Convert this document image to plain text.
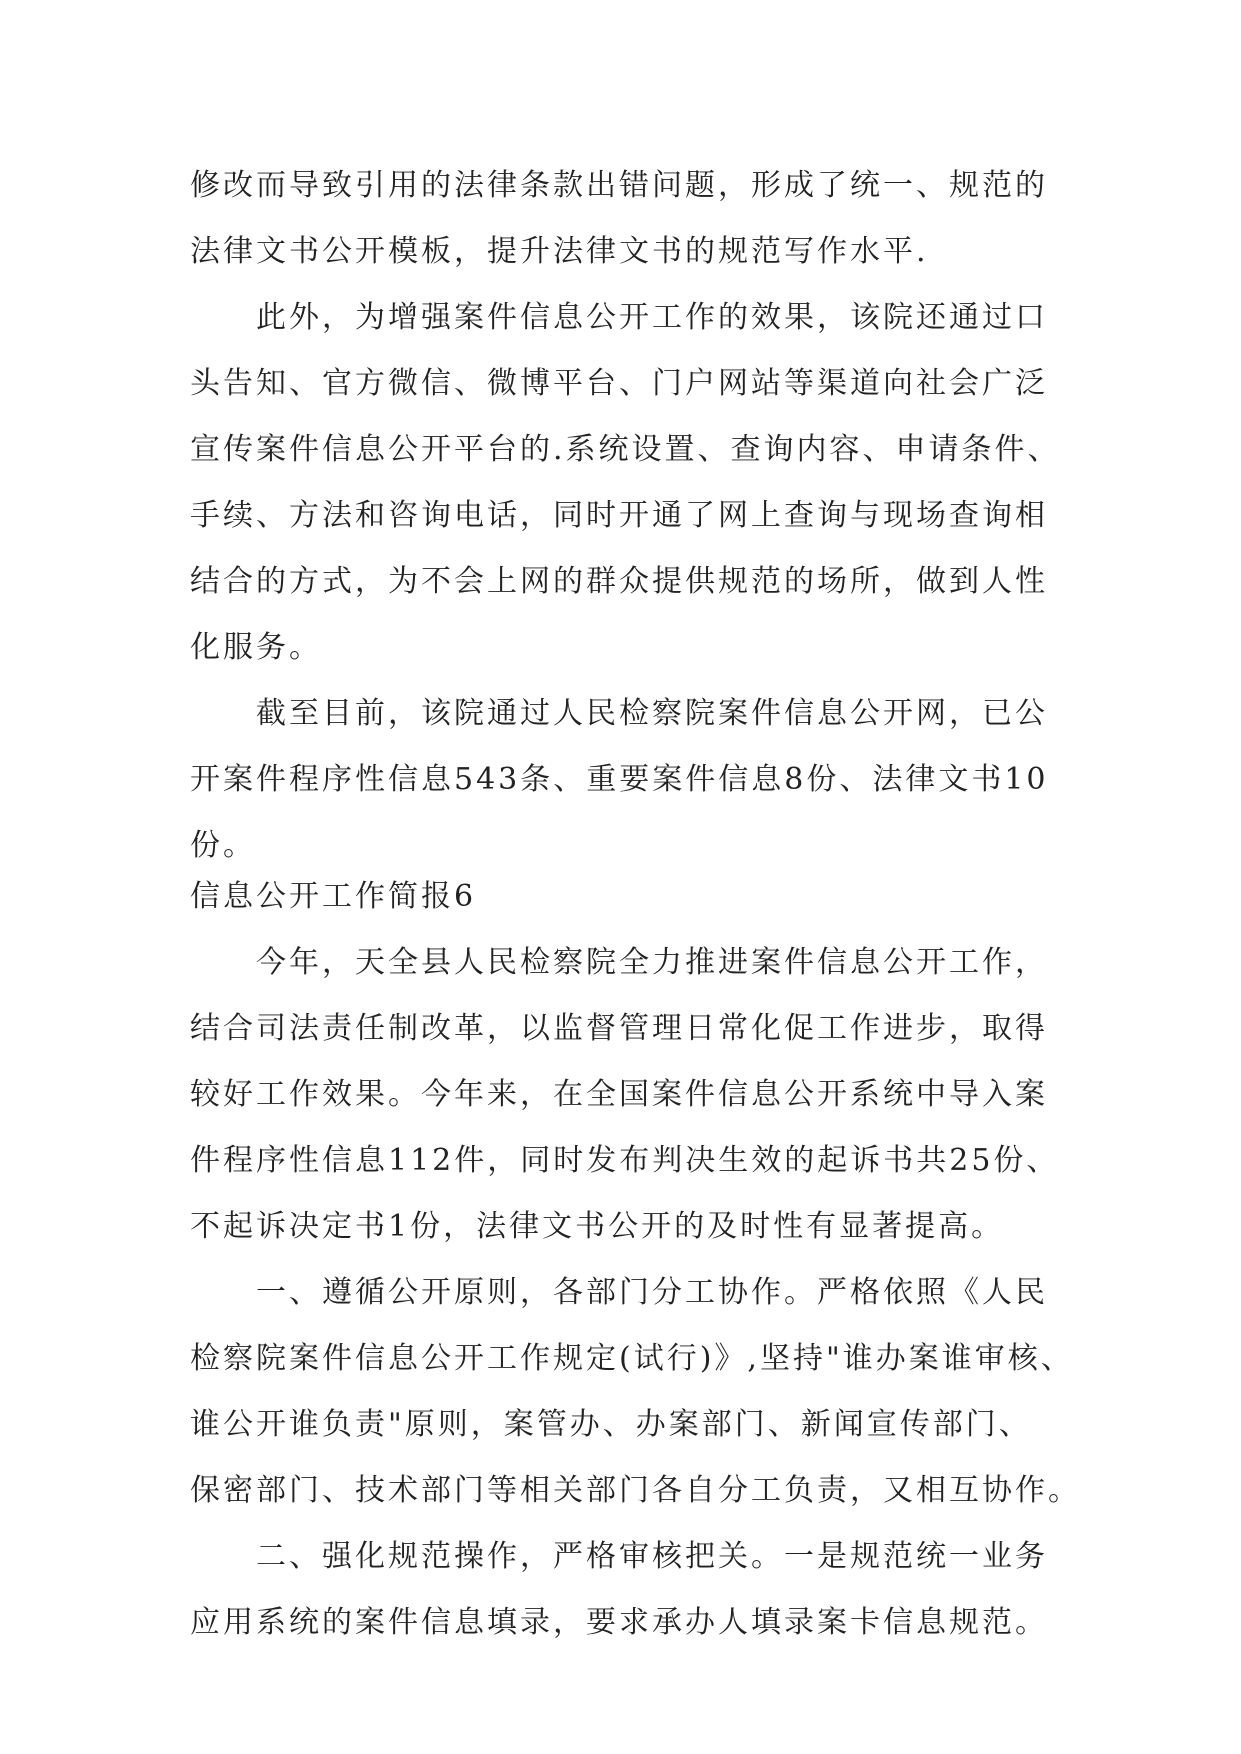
修改而导致引用的法律条款出错问题，形成了统一、规范的
法律文书公开模板，提升法律文书的规范写作水平.
此外，为增强案件信息公开工作的效果，该院还通过口
头告知、官方微信、微博平台、门户网站等渠道向社会广泛
宣传案件信息公开平台的.系统设置、查询内容、申请条件、
手续、方法和咨询电话，同时开通了网上查询与现场查询相
结合的方式，为不会上网的群众提供规范的场所，做到人性
化服务。
截至目前，该院通过人民检察院案件信息公开网，已公
开案件程序性信息543条、重要案件信息8份、法律文书10
份。
信息公开工作简报6
今年，天全县人民检察院全力推进案件信息公开工作，
结合司法责任制改革，以监督管理日常化促工作进步，取得
较好工作效果。今年来，在全国案件信息公开系统中导入案
件程序性信息112件，同时发布判决生效的起诉书共25份、
不起诉决定书1份，法律文书公开的及时性有显著提高。
一、遵循公开原则，各部门分工协作。严格依照《人民
检察院案件信息公开工作规定(试行)》,坚持"谁办案谁审核、
谁公开谁负责"原则，案管办、办案部门、新闻宣传部门、
保密部门、技术部门等相关部门各自分工负责，又相互协作。
二、强化规范操作，严格审核把关。一是规范统一业务
应用系统的案件信息填录，要求承办人填录案卡信息规范。
